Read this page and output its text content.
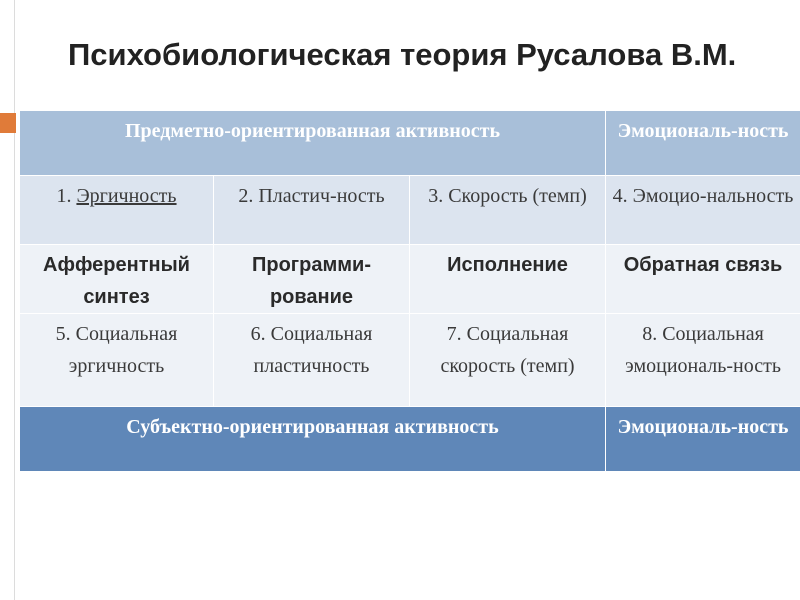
Психобиологическая теория Русалова В.М.
Предметно-ориентированная активность			Эмоциональ-ность
1. Эргичность	2. Пластич-ность	3. Скорость (темп)	4. Эмоцио-нальность
Афферентный синтез	Программи-рование	Исполнение	Обратная связь
5. Социальная эргичность	6. Социальная пластичность	7. Социальная скорость (темп)	8. Социальная эмоциональ-ность
Субъектно-ориентированная активность			Эмоциональ-ность
